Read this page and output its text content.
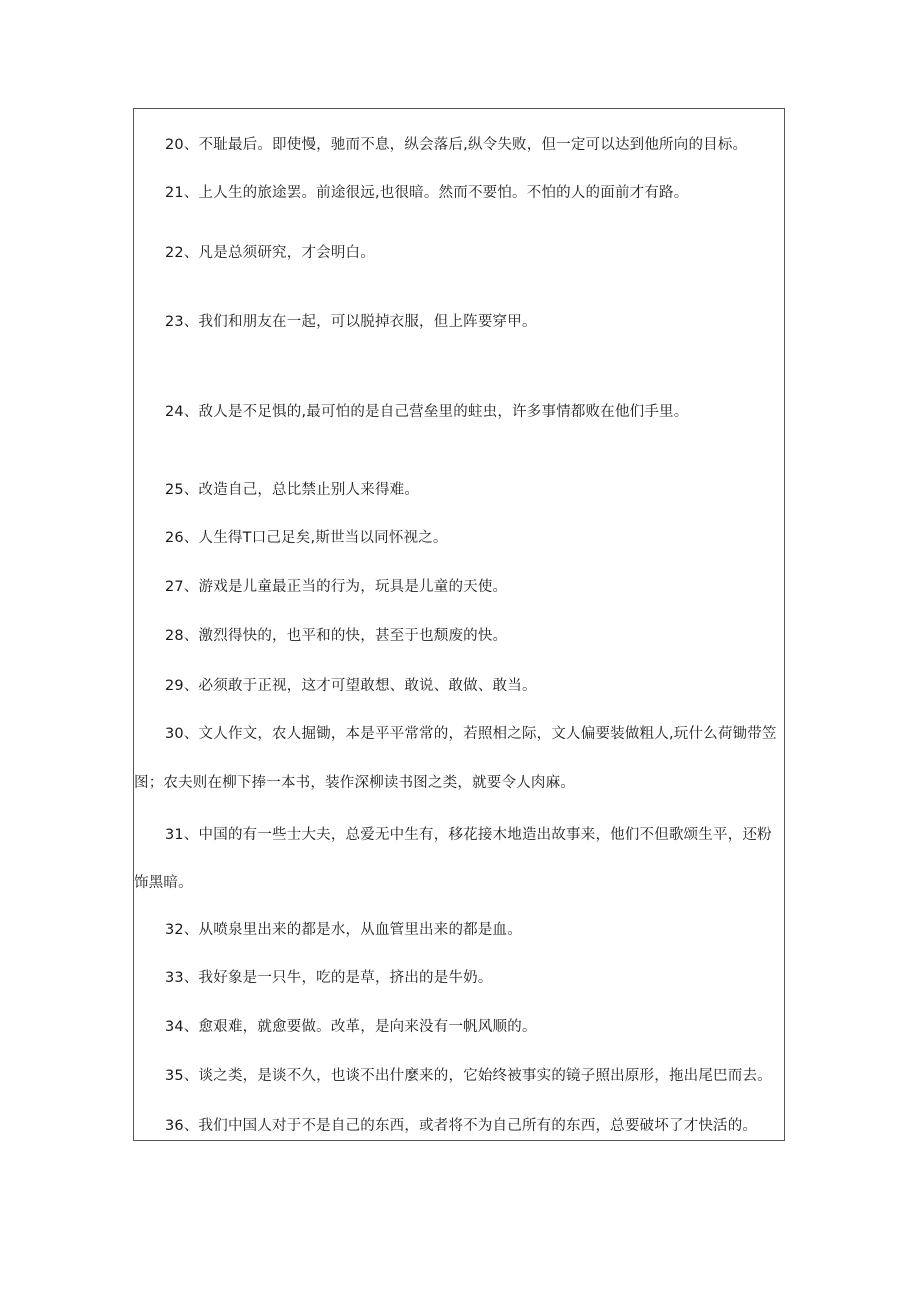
20、不耻最后。即使慢，驰而不息，纵会落后,纵令失败，但一定可以达到他所向的目标。
21、上人生的旅途罢。前途很远,也很暗。然而不要怕。不怕的人的面前才有路。
22、凡是总须研究，才会明白。
23、我们和朋友在一起，可以脱掉衣服，但上阵要穿甲。
24、敌人是不足惧的,最可怕的是自己营垒里的蛀虫，许多事情都败在他们手里。
25、改造自己，总比禁止别人来得难。
26、人生得T口己足矣,斯世当以同怀视之。
27、游戏是儿童最正当的行为，玩具是儿童的天使。
28、激烈得快的，也平和的快，甚至于也颓废的快。
29、必须敢于正视，这才可望敢想、敢说、敢做、敢当。
30、文人作文，农人掘锄，本是平平常常的，若照相之际，文人偏要装做粗人,玩什么荷锄带笠
图；农夫则在柳下捧一本书，装作深柳读书图之类，就要令人肉麻。
31、中国的有一些士大夫，总爱无中生有，移花接木地造出故事来，他们不但歌颂生平，还粉
饰黑暗。
32、从喷泉里出来的都是水，从血管里出来的都是血。
33、我好象是一只牛，吃的是草，挤出的是牛奶。
34、愈艰难，就愈要做。改革，是向来没有一帆风顺的。
35、谈之类，是谈不久，也谈不出什麼来的，它始终被事实的镜子照出原形，拖出尾巴而去。
36、我们中国人对于不是自己的东西，或者将不为自己所有的东西，总要破坏了才快活的。
